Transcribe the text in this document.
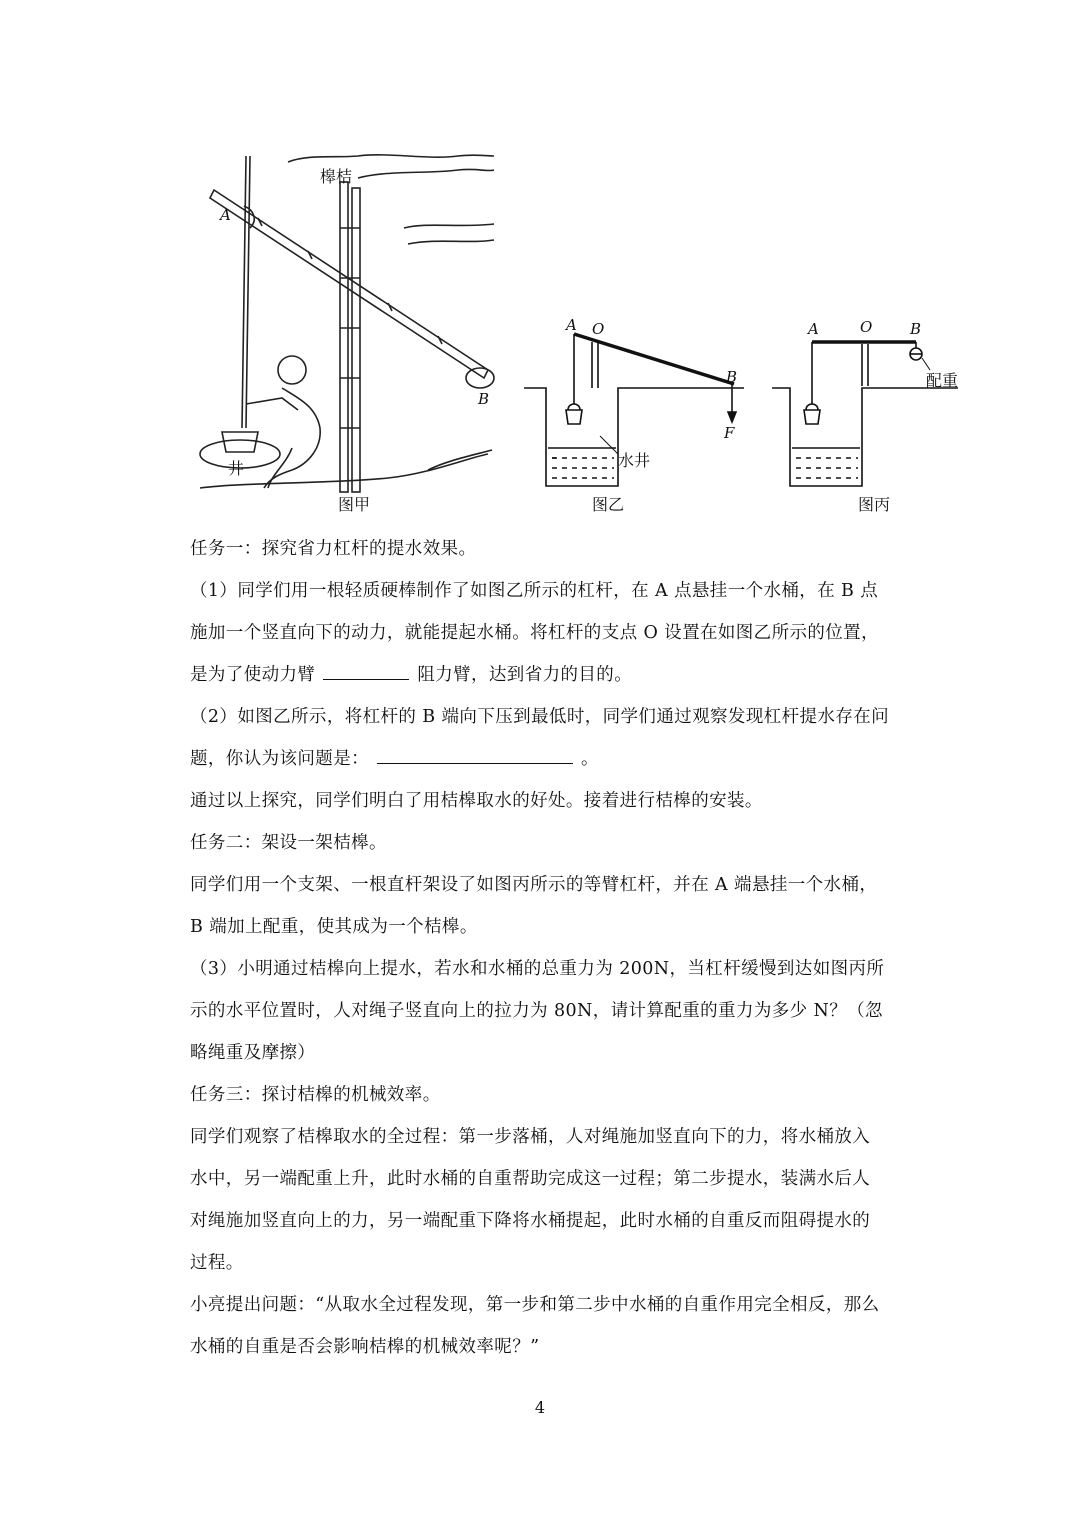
槔桔
A
B
井
图甲
A O
B
F
水井
图乙
A	O	B
配重
图丙
任务一：探究省力杠杆的提水效果。
（1）同学们用一根轻质硬棒制作了如图乙所示的杠杆，在 A 点悬挂一个水桶，在 B 点
施加一个竖直向下的动力，就能提起水桶。将杠杆的支点 O 设置在如图乙所示的位置，
是为了使动力臂	阻力臂，达到省力的目的。
（2）如图乙所示，将杠杆的 B 端向下压到最低时，同学们通过观察发现杠杆提水存在问
题，你认为该问题是：	。
通过以上探究，同学们明白了用桔槔取水的好处。接着进行桔槔的安装。
任务二：架设一架桔槔。
同学们用一个支架、一根直杆架设了如图丙所示的等臂杠杆，并在 A 端悬挂一个水桶，
B 端加上配重，使其成为一个桔槔。
（3）小明通过桔槔向上提水，若水和水桶的总重力为 200N，当杠杆缓慢到达如图丙所
示的水平位置时，人对绳子竖直向上的拉力为 80N，请计算配重的重力为多少 N？（忽
略绳重及摩擦）
任务三：探讨桔槔的机械效率。
同学们观察了桔槔取水的全过程：第一步落桶，人对绳施加竖直向下的力，将水桶放入
水中，另一端配重上升，此时水桶的自重帮助完成这一过程；第二步提水，装满水后人
对绳施加竖直向上的力，另一端配重下降将水桶提起，此时水桶的自重反而阻碍提水的
过程。
小亮提出问题：“从取水全过程发现，第一步和第二步中水桶的自重作用完全相反，那么
水桶的自重是否会影响桔槔的机械效率呢？”
4
